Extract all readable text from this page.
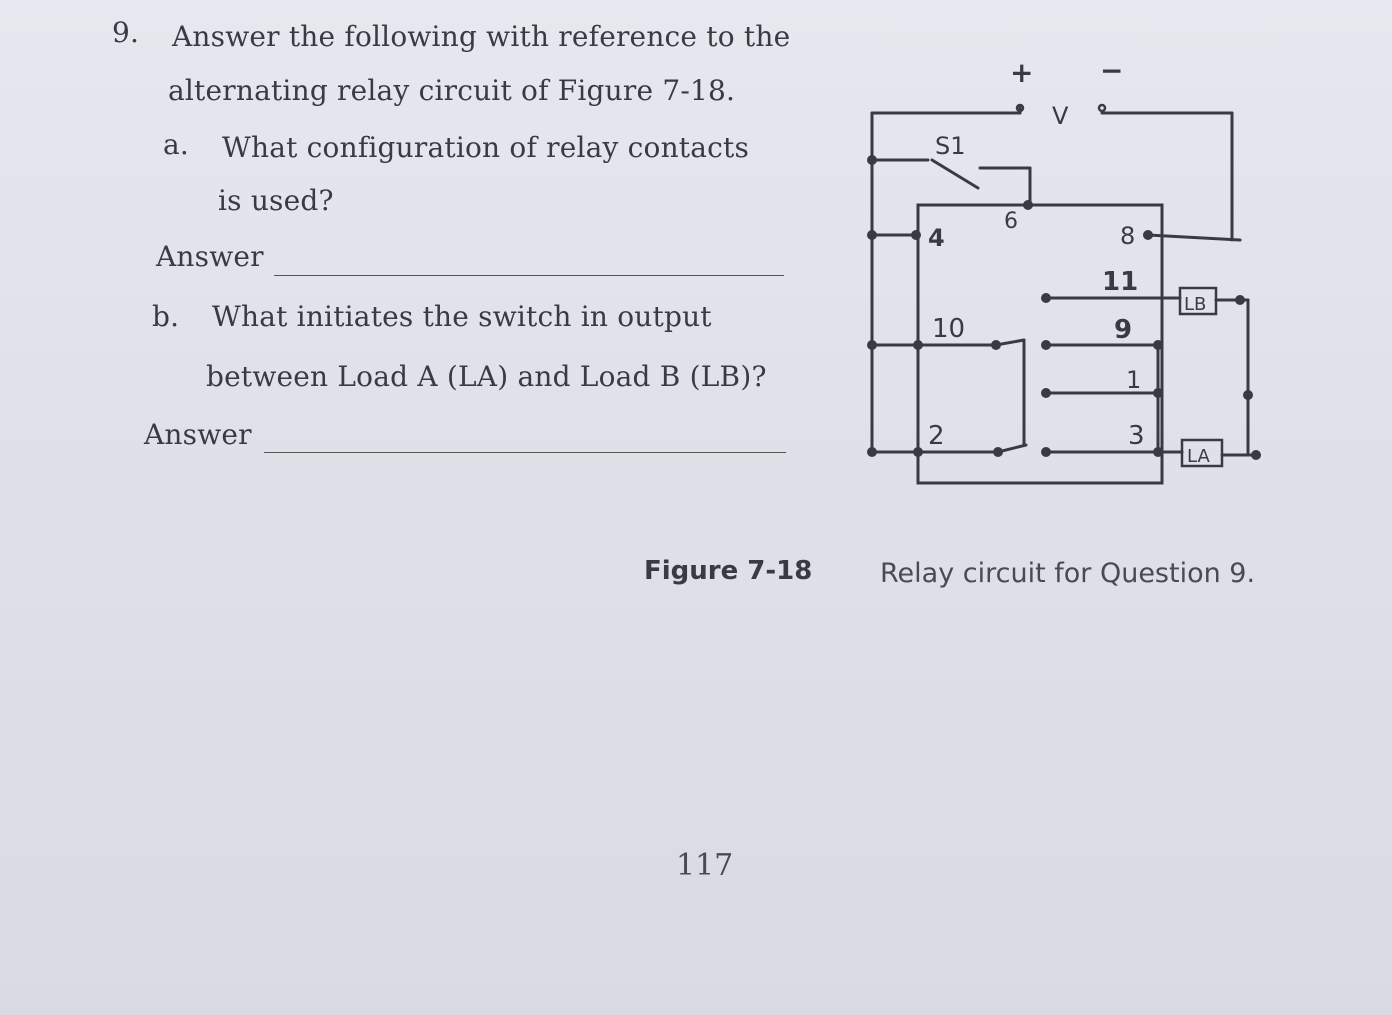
9. Answer the following with reference to the
alternating relay circuit of Figure 7-18.
a. What configuration of relay contacts
is used?
Answer
b. What initiates the switch in output
between Load A (LA) and Load B (LB)?
Answer
+ −
V
S1
4
6
8
11
10	9
1
2	3
LB
LA
Figure 7-18	Relay circuit for Question 9.
117
